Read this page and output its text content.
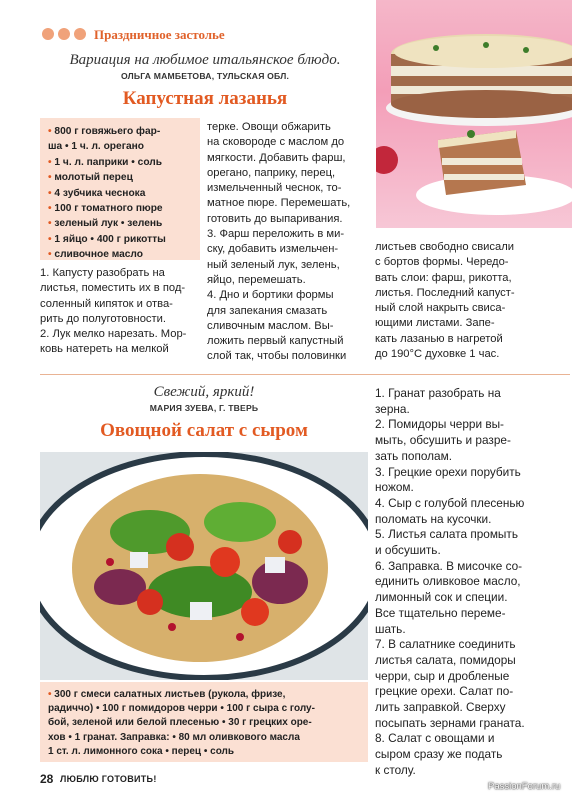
Праздничное застолье
Вариация на любимое итальянское блюдо.
ОЛЬГА МАМБЕТОВА, ТУЛЬСКАЯ ОБЛ.
Капустная лазанья
• 800 г говяжьего фар-
ша • 1 ч. л. орегано
• 1 ч. л. паприки • соль
• молотый перец
• 4 зубчика чеснока
• 100 г томатного пюре
• зеленый лук • зелень
• 1 яйцо • 400 г рикотты
• сливочное масло

1. Капусту разобрать на

листья, поместить их в под-

соленный кипяток и отва-

рить до полуготовности.

2. Лук мелко нарезать. Мор-

ковь натереть на мелкой

терке. Овощи обжарить

на сковороде с маслом до

мягкости. Добавить фарш,

орегано, паприку, перец,

измельченный чеснок, то-

матное пюре. Перемешать,

готовить до выпаривания.

3. Фарш переложить в ми-

ску, добавить измельчен-

ный зеленый лук, зелень,

яйцо, перемешать.

4. Дно и бортики формы

для запекания смазать

сливочным маслом. Вы-

ложить первый капустный

слой так, чтобы половинки

листьев свободно свисали

с бортов формы. Чередо-

вать слои: фарш, рикотта,

листья. Последний капуст-

ный слой накрыть свиса-

ющими листами. Запе-

кать лазанью в нагретой

до 190°С духовке 1 час.

Свежий, яркий!
МАРИЯ ЗУЕВА, Г. ТВЕРЬ
Овощной салат с сыром

1. Гранат разобрать на

зерна.

2. Помидоры черри вы-

мыть, обсушить и разре-

зать пополам.

3. Грецкие орехи порубить

ножом.

4. Сыр с голубой плесенью

поломать на кусочки.

5. Листья салата промыть

и обсушить.

6. Заправка. В мисочке со-

единить оливковое масло,

лимонный сок и специи.

Все тщательно переме-

шать.

7. В салатнике соединить

листья салата, помидоры

черри, сыр и дробленые

грецкие орехи. Салат по-

лить заправкой. Сверху

посыпать зернами граната.

8. Салат с овощами и

сыром сразу же подать

к столу.

• 300 г смеси салатных листьев (рукола, фризе,
радиччо) • 100 г помидоров черри • 100 г сыра с голу-
бой, зеленой или белой плесенью • 30 г грецких оре-
хов • 1 гранат. Заправка: • 80 мл оливкового масла
1 ст. л. лимонного сока • перец • соль
28 ЛЮБЛЮ ГОТОВИТЬ!
PassionForum.ru
